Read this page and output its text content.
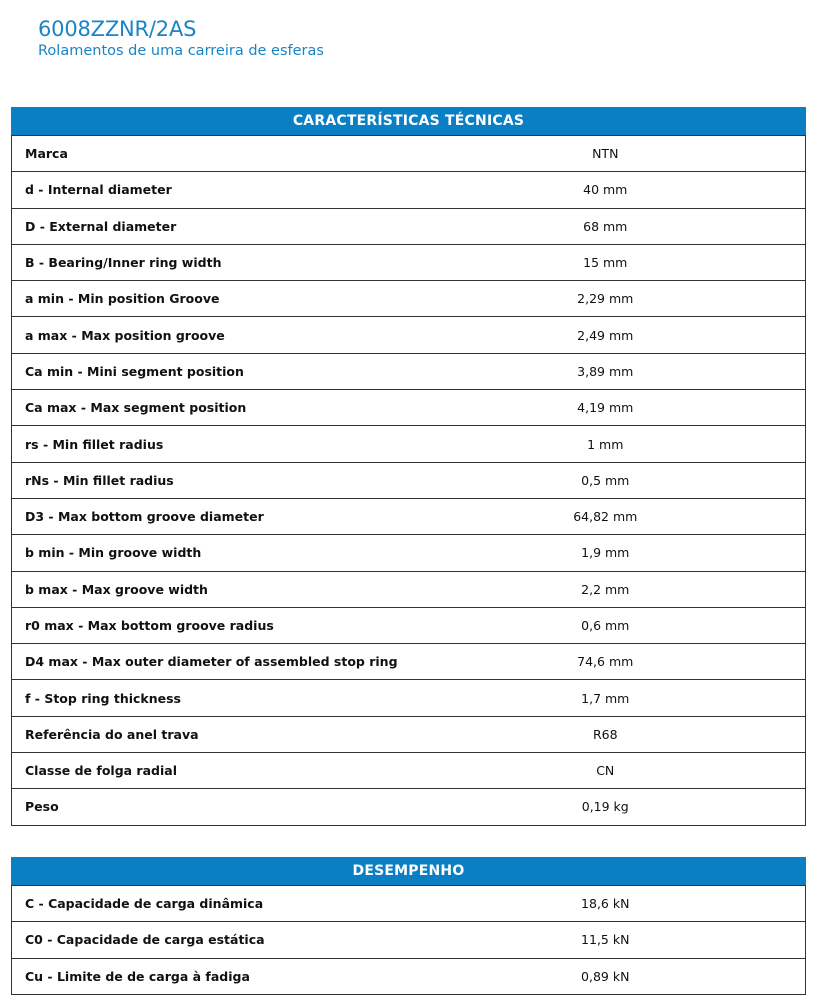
6008ZZNR/2AS
Rolamentos de uma carreira de esferas
CARACTERÍSTICAS TÉCNICAS
Marca	NTN
d - Internal diameter	40 mm
D - External diameter	68 mm
B - Bearing/Inner ring width	15 mm
a min - Min position Groove	2,29 mm
a max - Max position groove	2,49 mm
Ca min - Mini segment position	3,89 mm
Ca max - Max segment position	4,19 mm
rs - Min fillet radius	1 mm
rNs - Min fillet radius	0,5 mm
D3 - Max bottom groove diameter	64,82 mm
b min - Min groove width	1,9 mm
b max - Max groove width	2,2 mm
r0 max - Max bottom groove radius	0,6 mm
D4 max - Max outer diameter of assembled stop ring	74,6 mm
f - Stop ring thickness	1,7 mm
Referência do anel trava	R68
Classe de folga radial	CN
Peso	0,19 kg
DESEMPENHO
C - Capacidade de carga dinâmica	18,6 kN
C0 - Capacidade de carga estática	11,5 kN
Cu - Limite de de carga à fadiga	0,89 kN
